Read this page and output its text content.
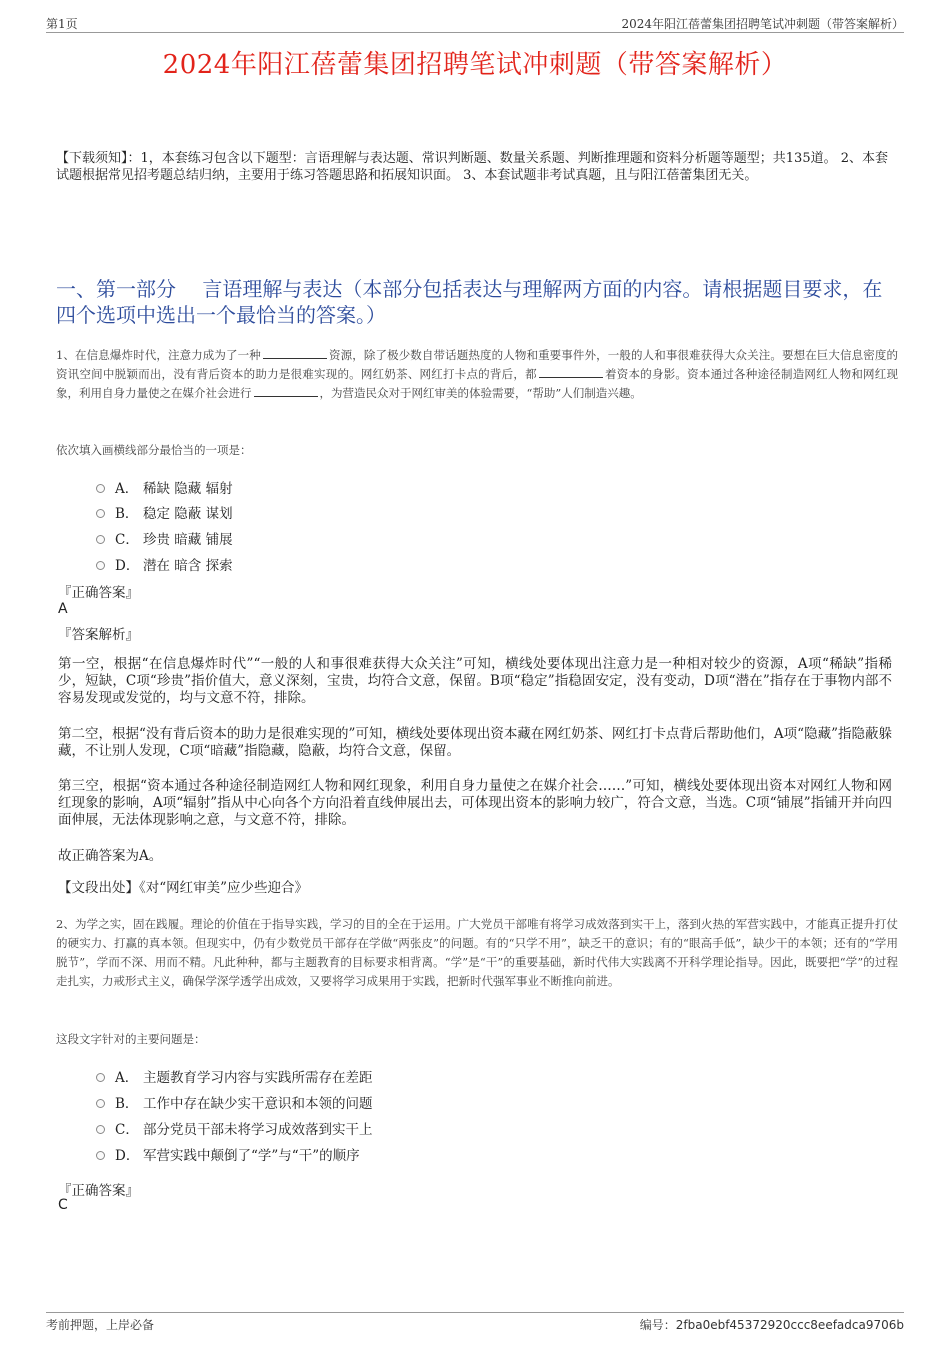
第1页	2024年阳江蓓蕾集团招聘笔试冲刺题（带答案解析）
2024年阳江蓓蕾集团招聘笔试冲刺题（带答案解析）
【下载须知】：1，本套练习包含以下题型：言语理解与表达题、常识判断题、数量关系题、判断推理题和资料分析题等题型；共135道。 2、本套试题根据常见招考题总结归纳，主要用于练习答题思路和拓展知识面。 3、本套试题非考试真题，且与阳江蓓蕾集团无关。
一、第一部分　 言语理解与表达（本部分包括表达与理解两方面的内容。请根据题目要求，在四个选项中选出一个最恰当的答案。）
1、在信息爆炸时代，注意力成为了一种	资源，除了极少数自带话题热度的人物和重要事件外，一般的人和事很难获得大众关注。要想在巨大信息密度的资讯空间中脱颖而出，没有背后资本的助力是很难实现的。网红奶茶、网红打卡点的背后，都	着资本的身影。资本通过各种途径制造网红人物和网红现象，利用自身力量使之在媒介社会进行	，为营造民众对于网红审美的体验需要，“帮助”人们制造兴趣。
依次填入画横线部分最恰当的一项是：
A． 稀缺 隐藏 辐射
B． 稳定 隐蔽 谋划
C． 珍贵 暗藏 铺展
D． 潜在 暗含 探索
『正确答案』
A
『答案解析』
第一空，根据“在信息爆炸时代”“一般的人和事很难获得大众关注”可知，横线处要体现出注意力是一种相对较少的资源，A项“稀缺”指稀少，短缺，C项“珍贵”指价值大，意义深刻，宝贵，均符合文意，保留。B项“稳定”指稳固安定，没有变动，D项“潜在”指存在于事物内部不容易发现或发觉的，均与文意不符，排除。
第二空，根据“没有背后资本的助力是很难实现的”可知，横线处要体现出资本藏在网红奶茶、网红打卡点背后帮助他们，A项“隐藏”指隐蔽躲藏，不让别人发现，C项“暗藏”指隐藏，隐蔽，均符合文意，保留。
第三空，根据“资本通过各种途径制造网红人物和网红现象，利用自身力量使之在媒介社会……”可知，横线处要体现出资本对网红人物和网红现象的影响，A项“辐射”指从中心向各个方向沿着直线伸展出去，可体现出资本的影响力较广，符合文意，当选。C项“铺展”指铺开并向四面伸展，无法体现影响之意，与文意不符，排除。
故正确答案为A。
【文段出处】《对“网红审美”应少些迎合》
2、为学之实，固在践履。理论的价值在于指导实践，学习的目的全在于运用。广大党员干部唯有将学习成效落到实干上，落到火热的军营实践中，才能真正提升打仗的硬实力、打赢的真本领。但现实中，仍有少数党员干部存在学做“两张皮”的问题。有的“只学不用”，缺乏干的意识；有的“眼高手低”，缺少干的本领；还有的“学用脱节”，学而不深、用而不精。凡此种种，都与主题教育的目标要求相背离。“学”是“干”的重要基础，新时代伟大实践离不开科学理论指导。因此，既要把“学”的过程走扎实，力戒形式主义，确保学深学透学出成效，又要将学习成果用于实践，把新时代强军事业不断推向前进。
这段文字针对的主要问题是：
A． 主题教育学习内容与实践所需存在差距
B． 工作中存在缺少实干意识和本领的问题
C． 部分党员干部未将学习成效落到实干上
D． 军营实践中颠倒了“学”与“干”的顺序
『正确答案』
C
考前押题，上岸必备	编号：2fba0ebf45372920ccc8eefadca9706b
